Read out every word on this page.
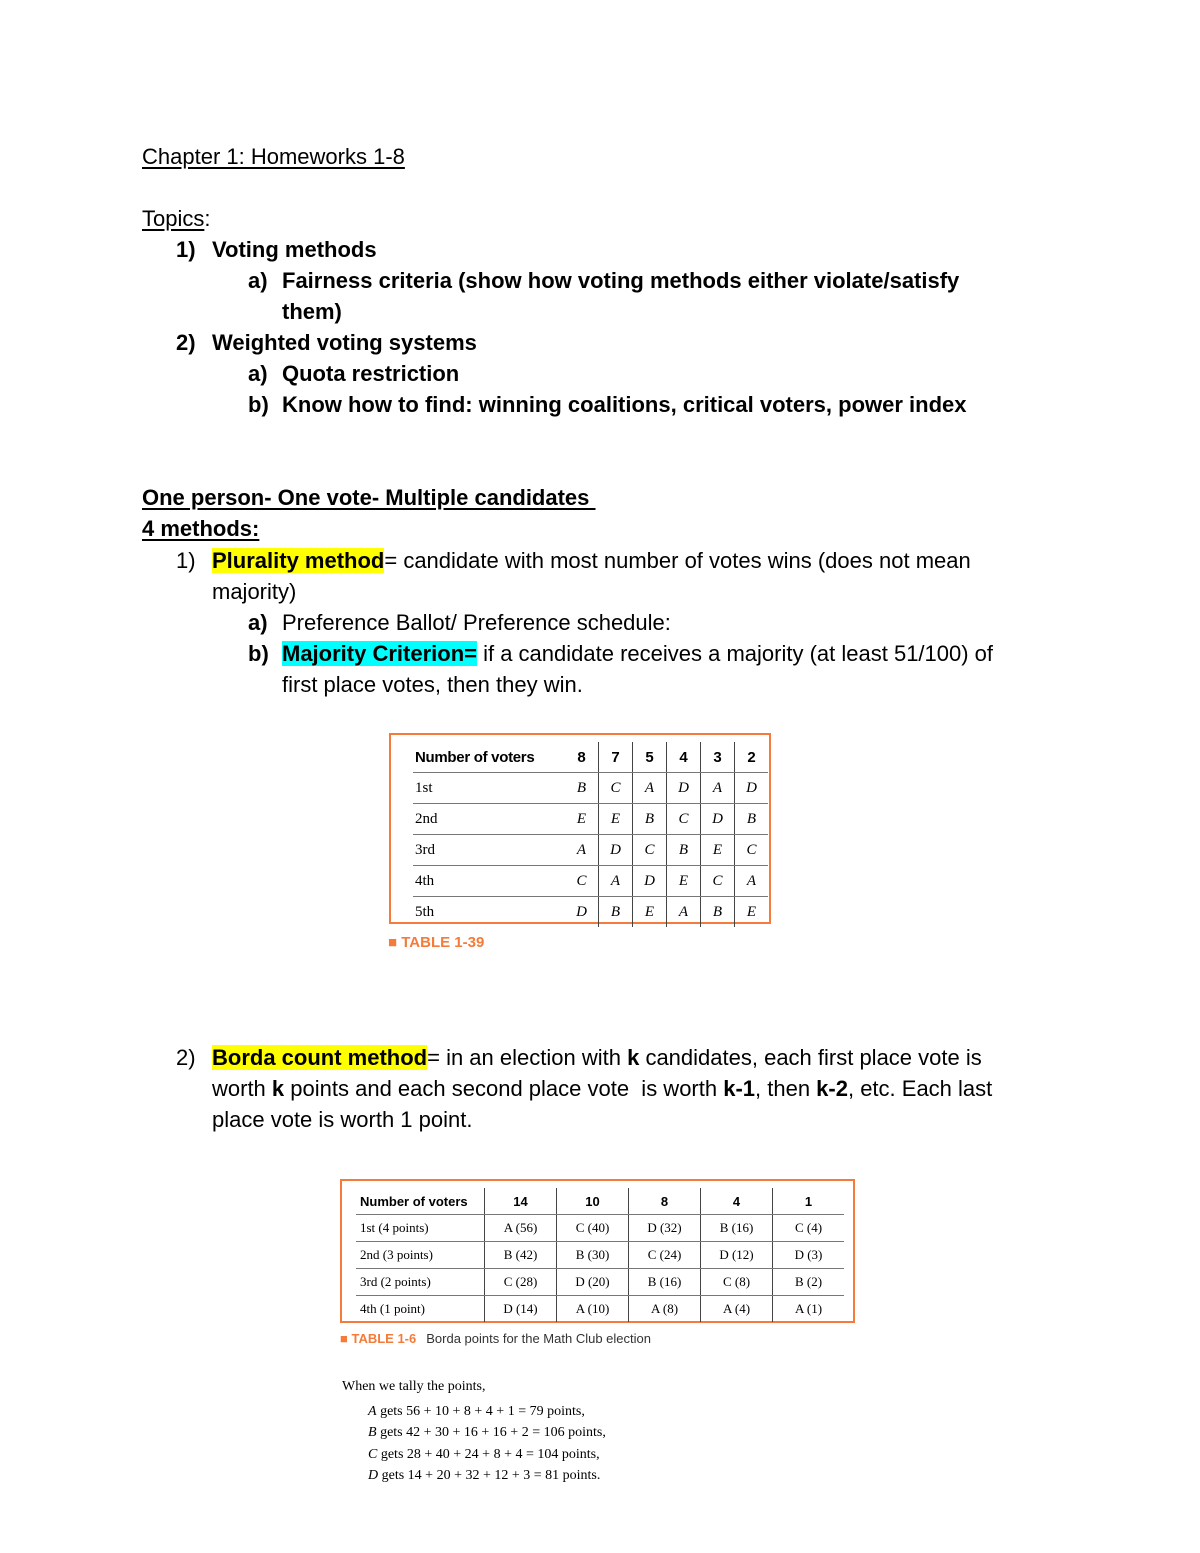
Chapter 1: Homeworks 1-8
Topics:
1) Voting methods
a) Fairness criteria (show how voting methods either violate/satisfy
them)
2) Weighted voting systems
a) Quota restriction
b) Know how to find: winning coalitions, critical voters, power index
One person- One vote- Multiple candidates
4 methods:
1) Plurality method= candidate with most number of votes wins (does not mean
majority)
a) Preference Ballot/ Preference schedule:
b) Majority Criterion= if a candidate receives a majority (at least 51/100) of
first place votes, then they win.
Number of voters	8	7	5	4	3	2
1st	B	C	A	D	A	D
2nd	E	E	B	C	D	B
3rd	A	D	C	B	E	C
4th	C	A	D	E	C	A
5th	D	B	E	A	B	E
■ TABLE 1-39
2) Borda count method= in an election with k candidates, each first place vote is
worth k points and each second place vote  is worth k-1, then k-2, etc. Each last
place vote is worth 1 point.
Number of voters	14	10	8	4	1
1st (4 points)	A (56)	C (40)	D (32)	B (16)	C (4)
2nd (3 points)	B (42)	B (30)	C (24)	D (12)	D (3)
3rd (2 points)	C (28)	D (20)	B (16)	C (8)	B (2)
4th (1 point)	D (14)	A (10)	A (8)	A (4)	A (1)
■ TABLE 1-6 Borda points for the Math Club election
When we tally the points,
A gets 56 + 10 + 8 + 4 + 1 = 79 points,
B gets 42 + 30 + 16 + 16 + 2 = 106 points,
C gets 28 + 40 + 24 + 8 + 4 = 104 points,
D gets 14 + 20 + 32 + 12 + 3 = 81 points.
